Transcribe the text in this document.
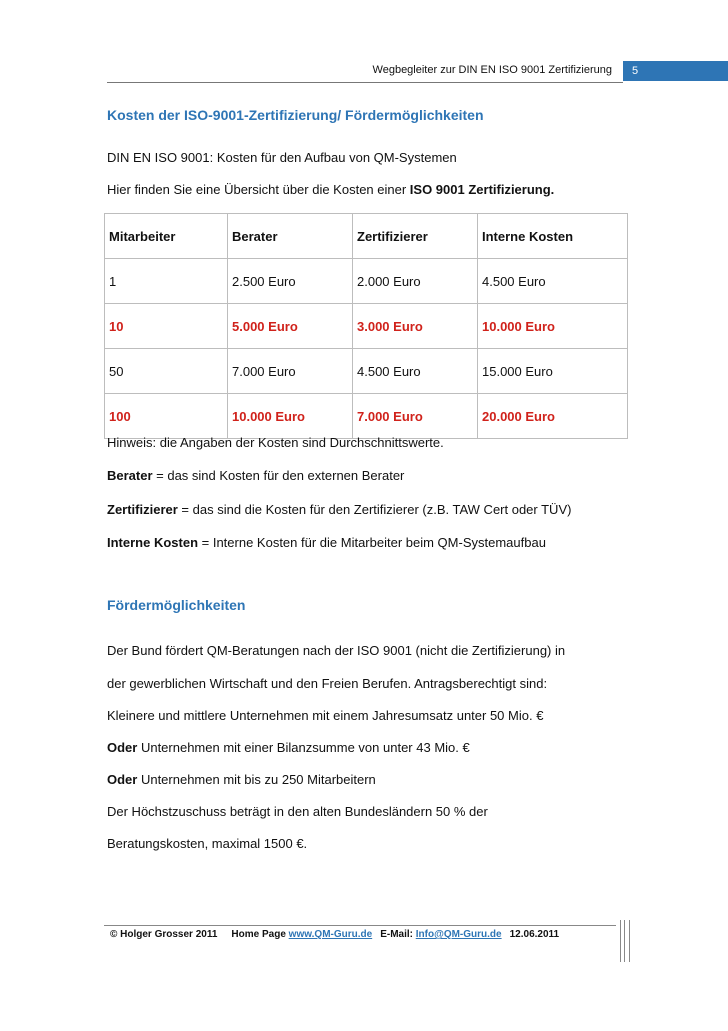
Wegbegleiter zur DIN EN ISO 9001 Zertifizierung	5
Kosten der ISO-9001-Zertifizierung/ Fördermöglichkeiten
DIN EN ISO 9001: Kosten für den Aufbau von QM-Systemen
Hier finden Sie eine Übersicht über die Kosten einer ISO 9001 Zertifizierung.
Mitarbeiter	Berater	Zertifizierer	Interne Kosten
1	2.500 Euro	2.000 Euro	4.500 Euro
10	5.000 Euro	3.000 Euro	10.000 Euro
50	7.000 Euro	4.500 Euro	15.000 Euro
100	10.000 Euro	7.000 Euro	20.000 Euro
Hinweis: die Angaben der Kosten sind Durchschnittswerte.
Berater = das sind Kosten für den externen Berater
Zertifizierer = das sind die Kosten für den Zertifizierer (z.B. TAW Cert oder TÜV)
Interne Kosten = Interne Kosten für die Mitarbeiter beim QM-Systemaufbau
Fördermöglichkeiten
Der Bund fördert QM-Beratungen nach der ISO 9001 (nicht die Zertifizierung) in
der gewerblichen Wirtschaft und den Freien Berufen. Antragsberechtigt sind:
Kleinere und mittlere Unternehmen mit einem Jahresumsatz unter 50 Mio. €
Oder Unternehmen mit einer Bilanzsumme von unter 43 Mio. €
Oder Unternehmen mit bis zu 250 Mitarbeitern
Der Höchstzuschuss beträgt in den alten Bundesländern 50 % der
Beratungskosten, maximal 1500 €.
© Holger Grosser 2011 Home Page www.QM-Guru.de E-Mail: Info@QM-Guru.de 12.06.2011
